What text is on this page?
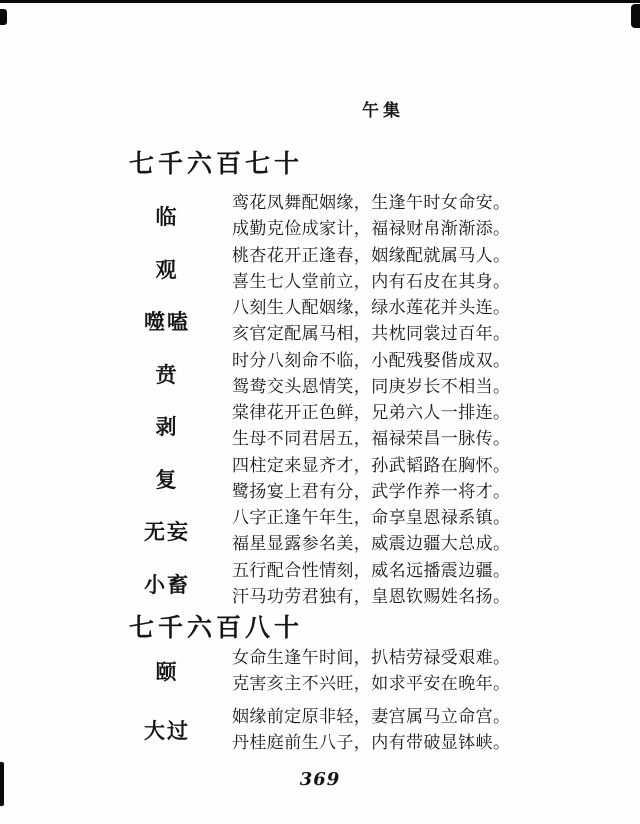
午集
七千六百七十
临
鸾花凤舞配姻缘，生逢午时女命安。
成勤克俭成家计，福禄财帛渐渐添。
观
桃杏花开正逢春，姻缘配就属马人。
喜生七人堂前立，内有石皮在其身。
噬嗑
八刻生人配姻缘，绿水莲花并头连。
亥官定配属马相，共枕同裳过百年。
贲
时分八刻命不临，小配残娶偕成双。
鸳鸯交头恩情笑，同庚岁长不相当。
剥
棠律花开正色鲜，兄弟六人一排连。
生母不同君居五，福禄荣昌一脉传。
复
四柱定来显齐才，孙武韬路在胸怀。
鹭扬宴上君有分，武学作养一将才。
无妄
八字正逢午年生，命享皇恩禄系镇。
福星显露参名美，威震边疆大总成。
小畜
五行配合性情刻，威名远播震边疆。
汗马功劳君独有，皇恩钦赐姓名扬。
七千六百八十
颐
女命生逢午时间，扒桔劳禄受艰难。
克害亥主不兴旺，如求平安在晚年。
大过
姻缘前定原非轻，妻宫属马立命宫。
丹桂庭前生八子，内有带破显钵峡。
369
